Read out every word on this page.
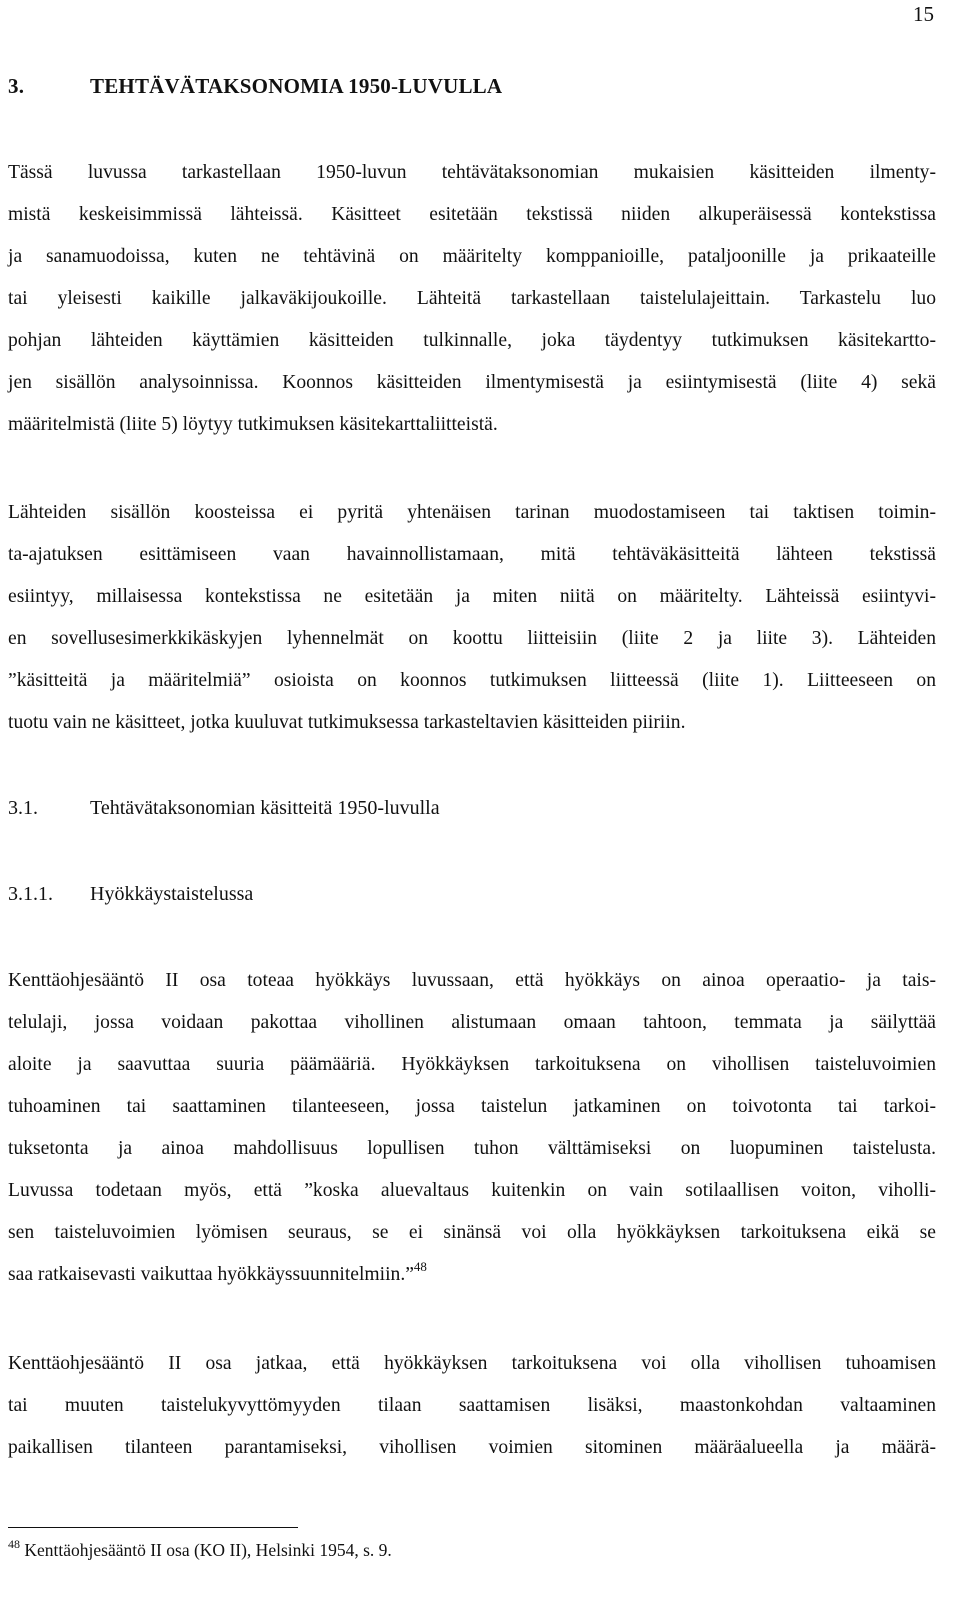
15
3.	TEHTÄVÄTAKSONOMIA 1950-LUVULLA
Tässä luvussa tarkastellaan 1950-luvun tehtävätaksonomian mukaisien käsitteiden ilmenty-
mistä keskeisimmissä lähteissä. Käsitteet esitetään tekstissä niiden alkuperäisessä kontekstissa
ja sanamuodoissa, kuten ne tehtävinä on määritelty komppanioille, pataljoonille ja prikaateille
tai yleisesti kaikille jalkaväkijoukoille. Lähteitä tarkastellaan taistelulajeittain. Tarkastelu luo
pohjan lähteiden käyttämien käsitteiden tulkinnalle, joka täydentyy tutkimuksen käsitekartto-
jen sisällön analysoinnissa. Koonnos käsitteiden ilmentymisestä ja esiintymisestä (liite 4) sekä
määritelmistä (liite 5) löytyy tutkimuksen käsitekarttaliitteistä.
Lähteiden sisällön koosteissa ei pyritä yhtenäisen tarinan muodostamiseen tai taktisen toimin-
ta-ajatuksen esittämiseen vaan havainnollistamaan, mitä tehtäväkäsitteitä lähteen tekstissä
esiintyy, millaisessa kontekstissa ne esitetään ja miten niitä on määritelty. Lähteissä esiintyvi-
en sovellusesimerkkikäskyjen lyhennelmät on koottu liitteisiin (liite 2 ja liite 3). Lähteiden
”käsitteitä ja määritelmiä” osioista on koonnos tutkimuksen liitteessä (liite 1). Liitteeseen on
tuotu vain ne käsitteet, jotka kuuluvat tutkimuksessa tarkasteltavien käsitteiden piiriin.
3.1.	Tehtävätaksonomian käsitteitä 1950-luvulla
3.1.1. Hyökkäystaistelussa
Kenttäohjesääntö II osa toteaa hyökkäys luvussaan, että hyökkäys on ainoa operaatio- ja tais-
telulaji, jossa voidaan pakottaa vihollinen alistumaan omaan tahtoon, temmata ja säilyttää
aloite ja saavuttaa suuria päämääriä. Hyökkäyksen tarkoituksena on vihollisen taisteluvoimien
tuhoaminen tai saattaminen tilanteeseen, jossa taistelun jatkaminen on toivotonta tai tarkoi-
tuksetonta ja ainoa mahdollisuus lopullisen tuhon välttämiseksi on luopuminen taistelusta.
Luvussa todetaan myös, että ”koska aluevaltaus kuitenkin on vain sotilaallisen voiton, viholli-
sen taisteluvoimien lyömisen seuraus, se ei sinänsä voi olla hyökkäyksen tarkoituksena eikä se
saa ratkaisevasti vaikuttaa hyökkäyssuunnitelmiin.”$^{48}$
Kenttäohjesääntö II osa jatkaa, että hyökkäyksen tarkoituksena voi olla vihollisen tuhoamisen
tai muuten taistelukyvyttömyyden tilaan saattamisen lisäksi, maastonkohdan valtaaminen
paikallisen tilanteen parantamiseksi, vihollisen voimien sitominen määräalueella ja määrä-
$^{48}$ Kenttäohjesääntö II osa (KO II), Helsinki 1954, s. 9.
